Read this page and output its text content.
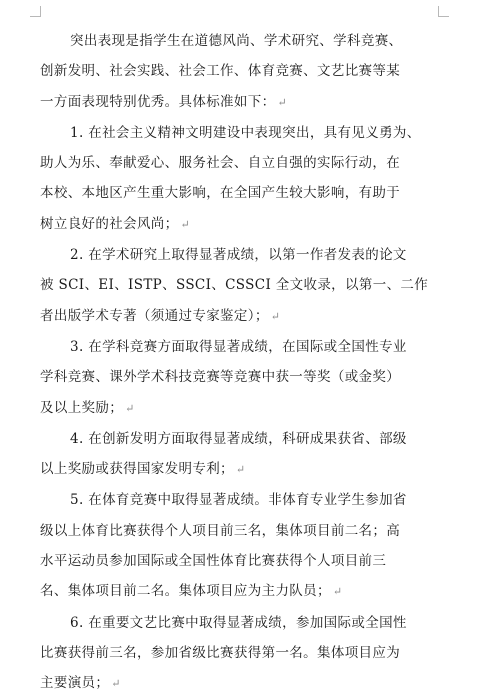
突出表现是指学生在道德风尚、学术研究、学科竞赛、
创新发明、社会实践、社会工作、体育竞赛、文艺比赛等某
一方面表现特别优秀。具体标准如下： ↵

1. 在社会主义精神文明建设中表现突出，具有见义勇为、
助人为乐、奉献爱心、服务社会、自立自强的实际行动，在
本校、本地区产生重大影响，在全国产生较大影响，有助于
树立良好的社会风尚； ↵

2. 在学术研究上取得显著成绩，以第一作者发表的论文
被 SCI、EI、ISTP、SSCI、CSSCI 全文收录，以第一、二作
者出版学术专著（须通过专家鉴定）； ↵

3. 在学科竞赛方面取得显著成绩，在国际或全国性专业
学科竞赛、课外学术科技竞赛等竞赛中获一等奖（或金奖）
及以上奖励； ↵

4. 在创新发明方面取得显著成绩，科研成果获省、部级
以上奖励或获得国家发明专利； ↵

5. 在体育竞赛中取得显著成绩。非体育专业学生参加省
级以上体育比赛获得个人项目前三名，集体项目前二名；高
水平运动员参加国际或全国性体育比赛获得个人项目前三
名、集体项目前二名。集体项目应为主力队员； ↵

6. 在重要文艺比赛中取得显著成绩，参加国际或全国性
比赛获得前三名，参加省级比赛获得第一名。集体项目应为
主要演员； ↵
